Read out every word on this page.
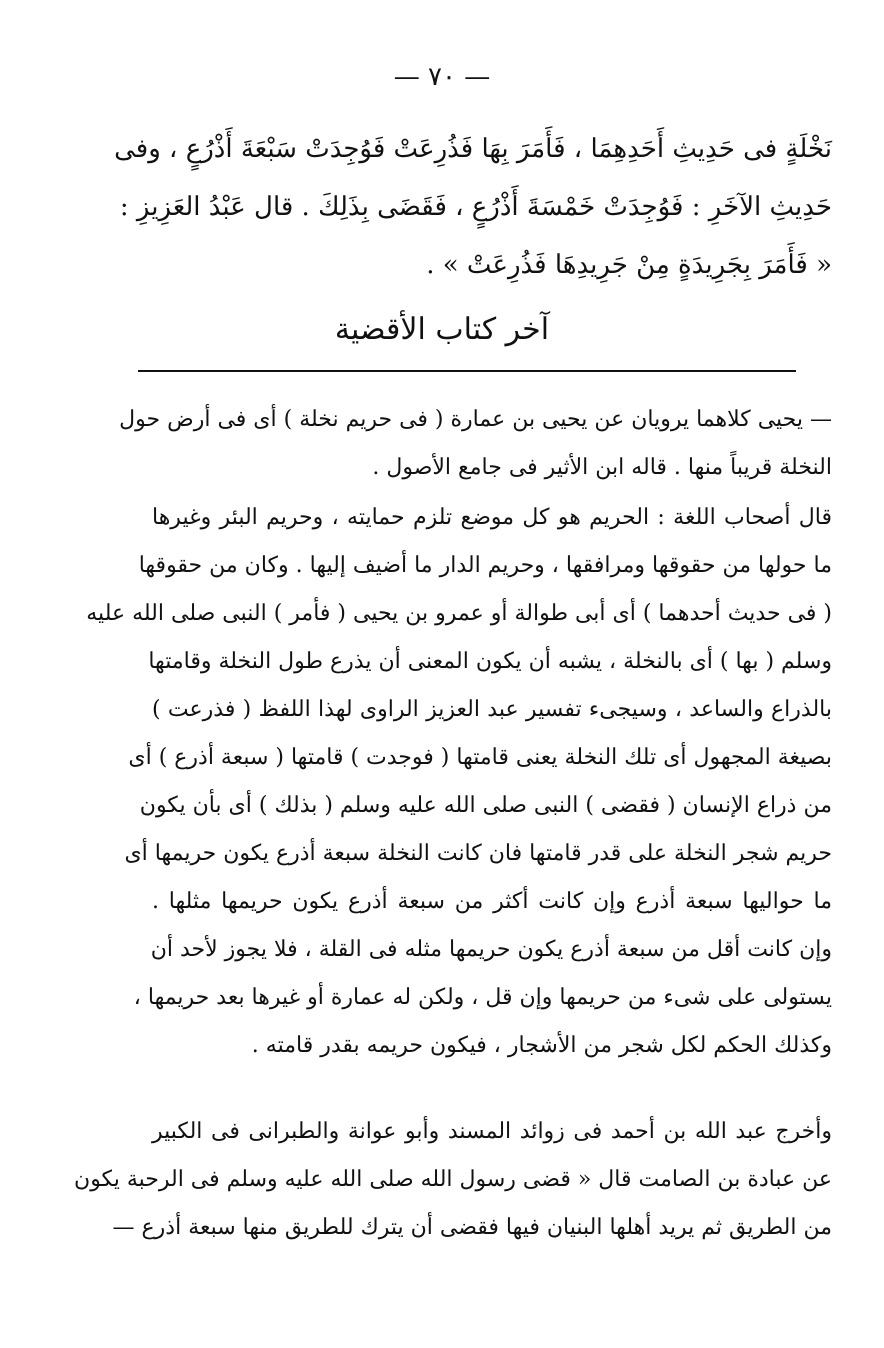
— ٧٠ —
نَخْلَةٍ فى حَدِيثِ أَحَدِهِمَا ، فَأَمَرَ بِهَا فَذُرِعَتْ فَوُجِدَتْ سَبْعَةَ أَذْرُعٍ ، وفى
حَدِيثِ الآخَرِ : فَوُجِدَتْ خَمْسَةَ أَذْرُعٍ ، فَقَضَى بِذَلِكَ . قال عَبْدُ العَزِيزِ :
« فَأَمَرَ بِجَرِيدَةٍ مِنْ جَرِيدِهَا فَذُرِعَتْ » .
آخر كتاب الأقضية
— يحيى كلاهما يرويان عن يحيى بن عمارة ( فى حريم نخلة ) أى فى أرض حول
النخلة قريباً منها . قاله ابن الأثير فى جامع الأصول .
قال أصحاب اللغة : الحريم هو كل موضع تلزم حمايته ، وحريم البئر وغيرها
ما حولها من حقوقها ومرافقها ، وحريم الدار ما أضيف إليها . وكان من حقوقها
( فى حديث أحدهما ) أى أبى طوالة أو عمرو بن يحيى ( فأمر ) النبى صلى الله عليه
وسلم ( بها ) أى بالنخلة ، يشبه أن يكون المعنى أن يذرع طول النخلة وقامتها
بالذراع والساعد ، وسيجىء تفسير عبد العزيز الراوى لهذا اللفظ ( فذرعت )
بصيغة المجهول أى تلك النخلة يعنى قامتها ( فوجدت ) قامتها ( سبعة أذرع ) أى
من ذراع الإنسان ( فقضى ) النبى صلى الله عليه وسلم ( بذلك ) أى بأن يكون
حريم شجر النخلة على قدر قامتها فان كانت النخلة سبعة أذرع يكون حريمها أى
ما حواليها سبعة أذرع وإن كانت أكثر من سبعة أذرع يكون حريمها مثلها .
وإن كانت أقل من سبعة أذرع يكون حريمها مثله فى القلة ، فلا يجوز لأحد أن
يستولى على شىء من حريمها وإن قل ، ولكن له عمارة أو غيرها بعد حريمها ،
وكذلك الحكم لكل شجر من الأشجار ، فيكون حريمه بقدر قامته .
وأخرج عبد الله بن أحمد فى زوائد المسند وأبو عوانة والطبرانى فى الكبير
عن عبادة بن الصامت قال « قضى رسول الله صلى الله عليه وسلم فى الرحبة يكون
من الطريق ثم يريد أهلها البنيان فيها فقضى أن يترك للطريق منها سبعة أذرع —
